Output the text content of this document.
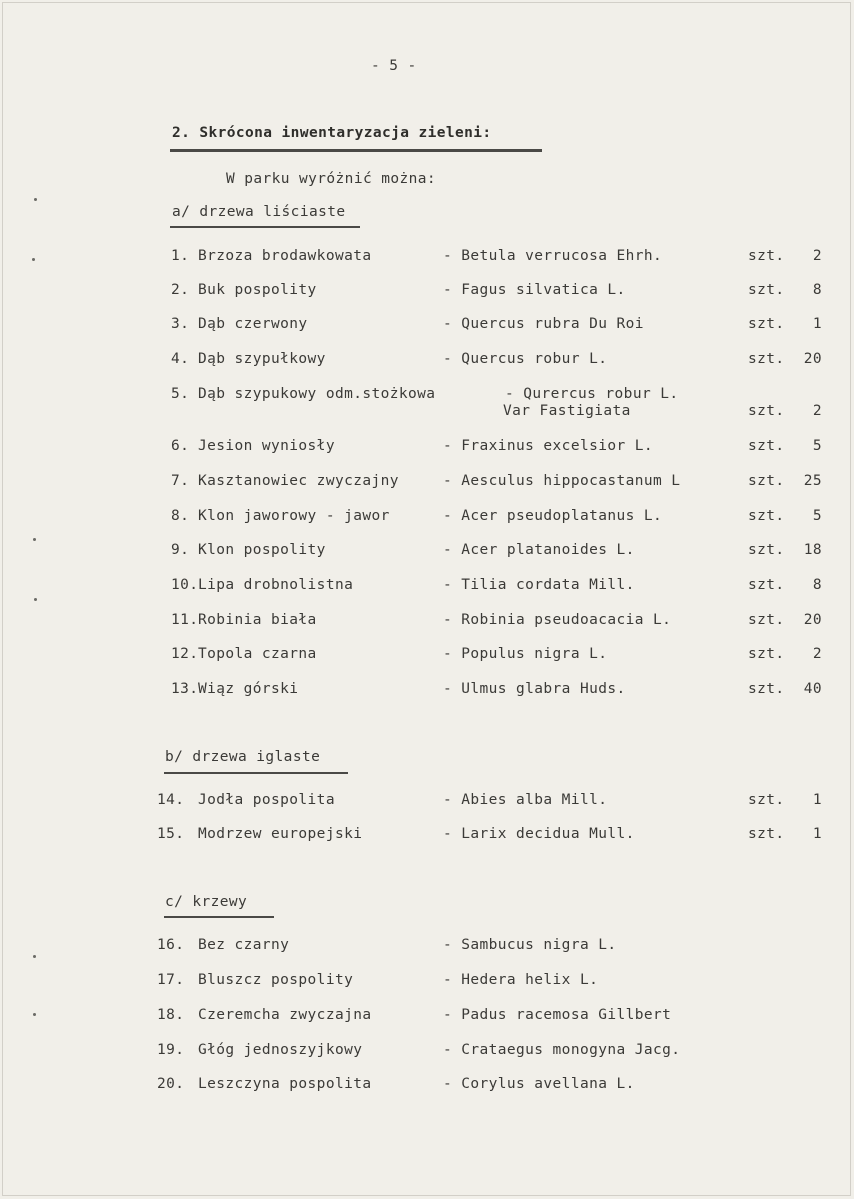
- 5 -
2. Skrócona inwentaryzacja zieleni:
W parku wyróżnić można:
a/ drzewa liściaste
1. Brzoza brodawkowata	- Betula verrucosa Ehrh.	szt. 2
2. Buk pospolity	- Fagus silvatica L.	szt. 8
3. Dąb czerwony	- Quercus rubra Du Roi	szt. 1
4. Dąb szypułkowy	- Quercus robur L.	szt. 20
5. Dąb szypukowy odm.stożkowa	- Qurercus robur L.
Var Fastigiata	szt. 2
6. Jesion wyniosły	- Fraxinus excelsior L.	szt. 5
7. Kasztanowiec zwyczajny	- Aesculus hippocastanum L	szt. 25
8. Klon jaworowy - jawor	- Acer pseudoplatanus L.	szt. 5
9. Klon pospolity	- Acer platanoides L.	szt. 18
10. Lipa drobnolistna	- Tilia cordata Mill.	szt. 8
11. Robinia biała	- Robinia pseudoacacia L.	szt. 20
12. Topola czarna	- Populus nigra L.	szt. 2
13. Wiąz górski	- Ulmus glabra Huds.	szt. 40
b/ drzewa iglaste
14. Jodła pospolita	- Abies alba Mill.	szt. 1
15. Modrzew europejski	- Larix decidua Mull.	szt. 1
c/ krzewy
16. Bez czarny	- Sambucus nigra L.
17. Bluszcz pospolity	- Hedera helix L.
18. Czeremcha zwyczajna	- Padus racemosa Gillbert
19. Głóg jednoszyjkowy	- Crataegus monogyna Jacg.
20. Leszczyna pospolita	- Corylus avellana L.
